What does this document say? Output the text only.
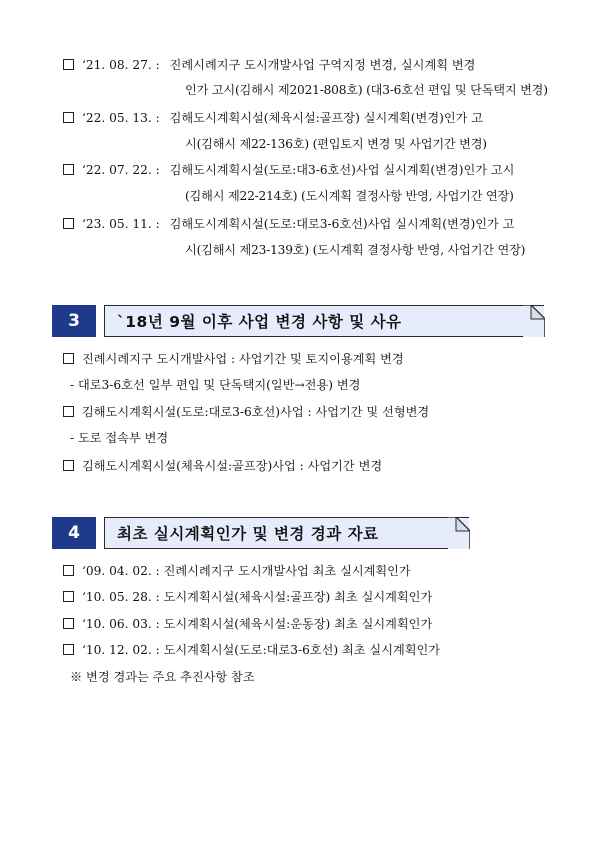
‘21. 08. 27. : 진례시례지구 도시개발사업 구역지정 변경, 실시계획 변경
인가 고시(김해시 제2021-808호) (대3-6호선 편입 및 단독택지 변경)
‘22. 05. 13. : 김해도시계획시설(체육시설:골프장) 실시계획(변경)인가 고
시(김해시 제22-136호) (편입토지 변경 및 사업기간 변경)
‘22. 07. 22. : 김해도시계획시설(도로:대3-6호선)사업 실시계획(변경)인가 고시
(김해시 제22-214호) (도시계획 결정사항 반영, 사업기간 연장)
‘23. 05. 11. : 김해도시계획시설(도로:대로3-6호선)사업 실시계획(변경)인가 고
시(김해시 제23-139호) (도시계획 결정사항 반영, 사업기간 연장)
3	`18년 9월 이후 사업 변경 사항 및 사유
진례시례지구 도시개발사업 : 사업기간 및 토지이용계획 변경
- 대로3-6호선 일부 편입 및 단독택지(일반→전용) 변경
김해도시계획시설(도로:대로3-6호선)사업 : 사업기간 및 선형변경
- 도로 접속부 변경
김해도시계획시설(체육시설:골프장)사업 : 사업기간 변경
4	최초 실시계획인가 및 변경 경과 자료
‘09. 04. 02. : 진례시례지구 도시개발사업 최초 실시계획인가
‘10. 05. 28. : 도시계획시설(체육시설:골프장) 최초 실시계획인가
‘10. 06. 03. : 도시계획시설(체육시설:운동장) 최초 실시계획인가
‘10. 12. 02. : 도시계획시설(도로:대로3-6호선) 최초 실시계획인가
※ 변경 경과는 주요 추진사항 참조
